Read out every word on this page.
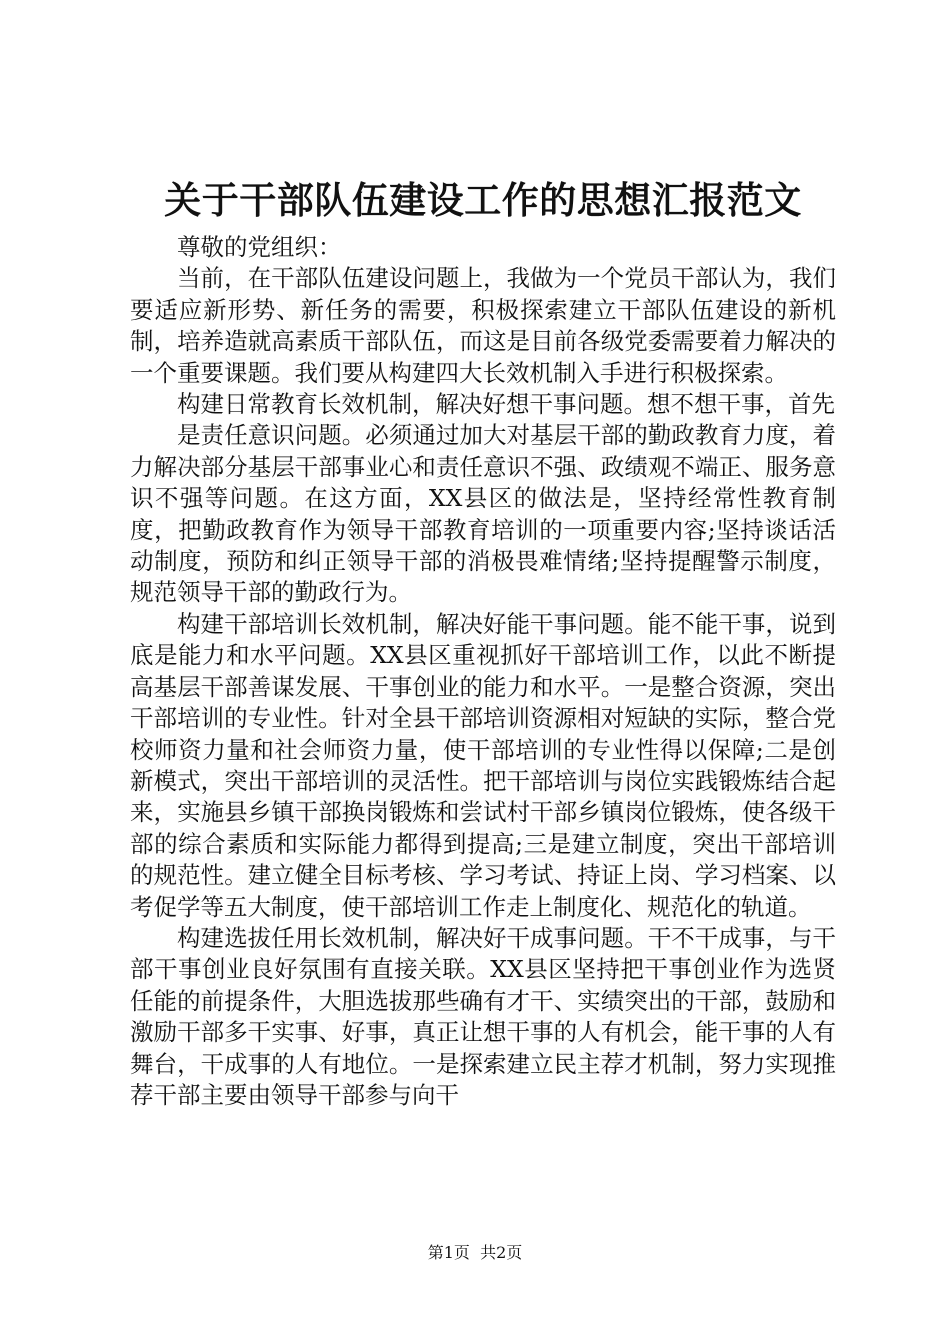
关于干部队伍建设工作的思想汇报范文

尊敬的党组织：

当前，在干部队伍建设问题上，我做为一个党员干部认为，我们要适应新形势、新任务的需要，积极探索建立干部队伍建设的新机制，培养造就高素质干部队伍，而这是目前各级党委需要着力解决的一个重要课题。我们要从构建四大长效机制入手进行积极探索。

构建日常教育长效机制，解决好想干事问题。想不想干事，首先

是责任意识问题。必须通过加大对基层干部的勤政教育力度，着力解决部分基层干部事业心和责任意识不强、政绩观不端正、服务意识不强等问题。在这方面，XX县区的做法是，坚持经常性教育制度，把勤政教育作为领导干部教育培训的一项重要内容;坚持谈话活动制度，预防和纠正领导干部的消极畏难情绪;坚持提醒警示制度，规范领导干部的勤政行为。

构建干部培训长效机制，解决好能干事问题。能不能干事，说到底是能力和水平问题。XX县区重视抓好干部培训工作，以此不断提高基层干部善谋发展、干事创业的能力和水平。一是整合资源，突出干部培训的专业性。针对全县干部培训资源相对短缺的实际，整合党校师资力量和社会师资力量，使干部培训的专业性得以保障;二是创新模式，突出干部培训的灵活性。把干部培训与岗位实践锻炼结合起来，实施县乡镇干部换岗锻炼和尝试村干部乡镇岗位锻炼，使各级干部的综合素质和实际能力都得到提高;三是建立制度，突出干部培训的规范性。建立健全目标考核、学习考试、持证上岗、学习档案、以考促学等五大制度，使干部培训工作走上制度化、规范化的轨道。

构建选拔任用长效机制，解决好干成事问题。干不干成事，与干部干事创业良好氛围有直接关联。XX县区坚持把干事创业作为选贤任能的前提条件，大胆选拔那些确有才干、实绩突出的干部，鼓励和激励干部多干实事、好事，真正让想干事的人有机会，能干事的人有舞台，干成事的人有地位。一是探索建立民主荐才机制，努力实现推荐干部主要由领导干部参与向干

第1页 共2页
